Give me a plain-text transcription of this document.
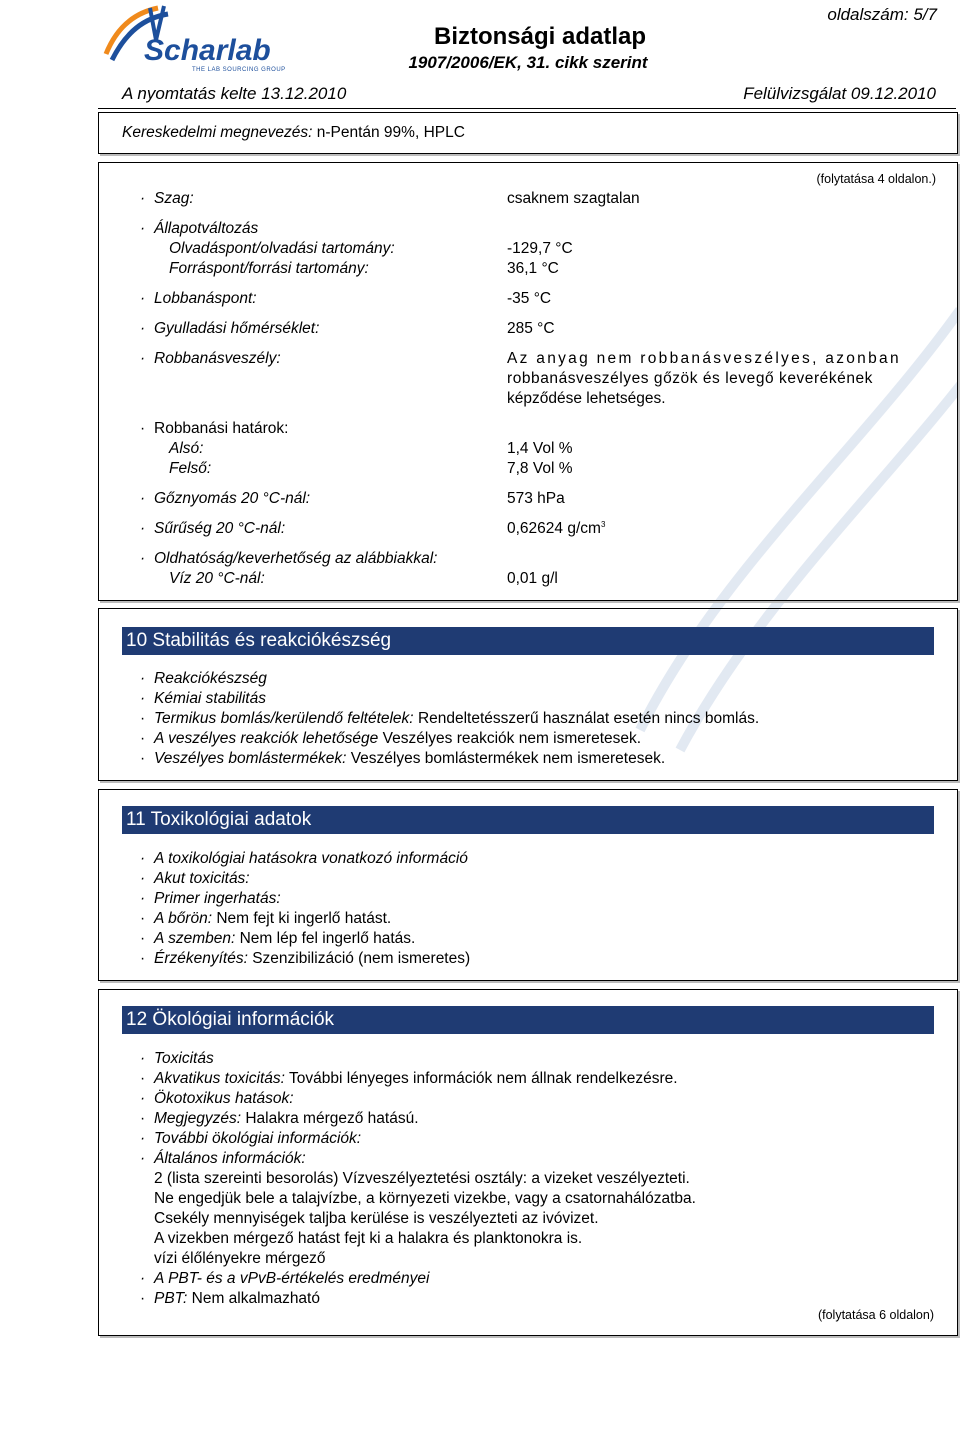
Scharlab
THE LAB SOURCING GROUP
Biztonsági adatlap
1907/2006/EK, 31. cikk szerint
oldalszám: 5/7
A nyomtatás kelte 13.12.2010	Felülvizsgálat 09.12.2010
Kereskedelmi megnevezés: n-Pentán 99%, HPLC
(folytatása 4 oldalon.)
· Szag:	csaknem szagtalan
· Állapotváltozás
Olvadáspont/olvadási tartomány:	-129,7 °C
Forráspont/forrási tartomány:	36,1 °C
· Lobbanáspont:	-35 °C
· Gyulladási hőmérséklet:	285 °C
· Robbanásveszély:	Az anyag nem robbanásveszélyes, azonban
robbanásveszélyes gőzök és levegő keverékének
képződése lehetséges.
· Robbanási határok:
Alsó:	1,4 Vol %
Felső:	7,8 Vol %
· Gőznyomás 20 °C-nál:	573 hPa
· Sűrűség 20 °C-nál:	0,62624 $g/cm^3$
· Oldhatóság/keverhetőség az alábbiakkal:
Víz 20 °C-nál:	0,01 g/l
10 Stabilitás és reakciókészség
· Reakciókészség
· Kémiai stabilitás
· Termikus bomlás/kerülendő feltételek: Rendeltetésszerű használat esetén nincs bomlás.
· A veszélyes reakciók lehetősége Veszélyes reakciók nem ismeretesek.
· Veszélyes bomlástermékek: Veszélyes bomlástermékek nem ismeretesek.
11 Toxikológiai adatok
· A toxikológiai hatásokra vonatkozó információ
· Akut toxicitás:
· Primer ingerhatás:
· A bőrön: Nem fejt ki ingerlő hatást.
· A szemben: Nem lép fel ingerlő hatás.
· Érzékenyítés: Szenzibilizáció (nem ismeretes)
12 Ökológiai információk
· Toxicitás
· Akvatikus toxicitás: További lényeges információk nem állnak rendelkezésre.
· Ökotoxikus hatások:
· Megjegyzés: Halakra mérgező hatású.
· További ökológiai információk:
· Általános információk:
2 (lista szereinti besorolás) Vízveszélyeztetési osztály: a vizeket veszélyezteti.
Ne engedjük bele a talajvízbe, a környezeti vizekbe, vagy a csatornahálózatba.
Csekély mennyiségek taljba kerülése is veszélyezteti az ivóvizet.
A vizekben mérgező hatást fejt ki a halakra és planktonokra is.
vízi élőlényekre mérgező
· A PBT- és a vPvB-értékelés eredményei
· PBT: Nem alkalmazható
(folytatása 6 oldalon)
